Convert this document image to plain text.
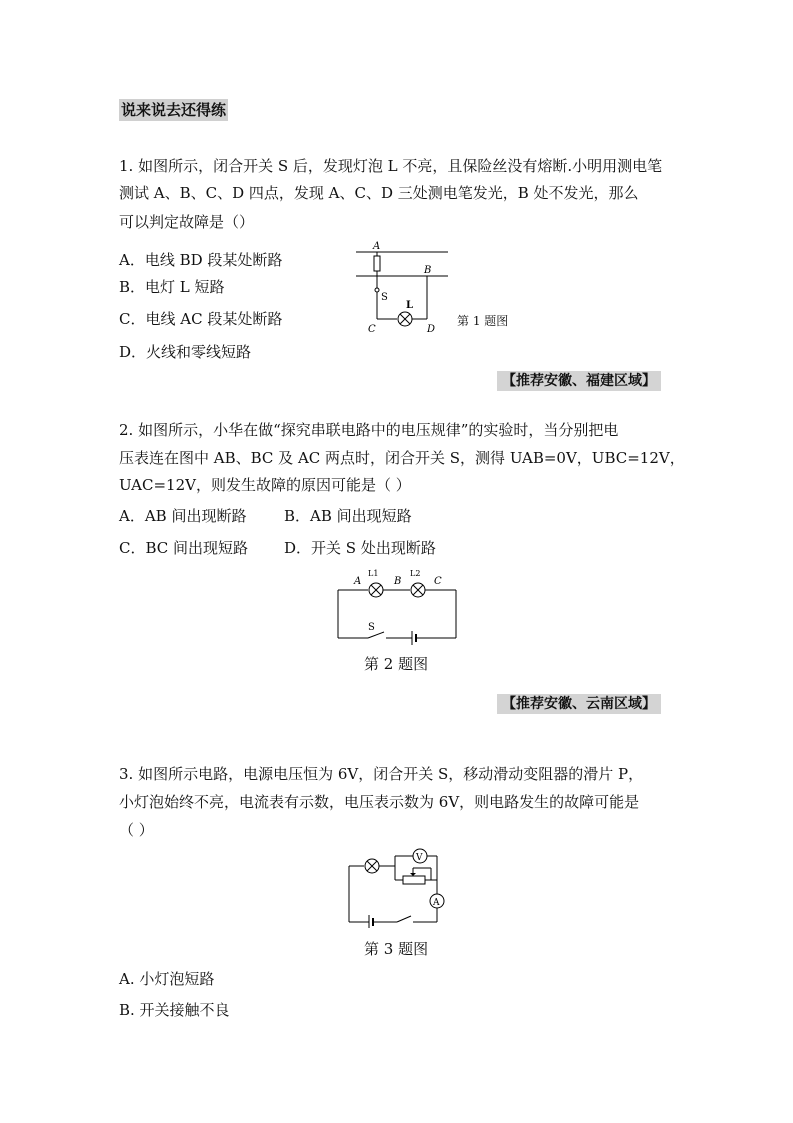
说来说去还得练
1. 如图所示，闭合开关 S 后，发现灯泡 L 不亮，且保险丝没有熔断.小明用测电笔
测试 A、B、C、D 四点，发现 A、C、D 三处测电笔发光，B 处不发光，那么
可以判定故障是（）
A．电线 BD 段某处断路
B．电灯 L 短路
C．电线 AC 段某处断路
D．火线和零线短路
A
B
S
L
C	D
第 1 题图
【推荐安徽、福建区域】
2. 如图所示，小华在做“探究串联电路中的电压规律”的实验时，当分别把电
压表连在图中 AB、BC 及 AC 两点时，闭合开关 S，测得 UAB=0V，UBC=12V，
UAC=12V，则发生故障的原因可能是（ ）
A．AB 间出现断路	B．AB 间出现短路
C．BC 间出现短路 D．开关 S 处出现断路
A
L1
B
L2
C
S
第 2 题图
【推荐安徽、云南区域】
3. 如图所示电路，电源电压恒为 6V，闭合开关 S，移动滑动变阻器的滑片 P，
小灯泡始终不亮，电流表有示数，电压表示数为 6V，则电路发生的故障可能是
（ ）
V
A
第 3 题图
A. 小灯泡短路
B. 开关接触不良
